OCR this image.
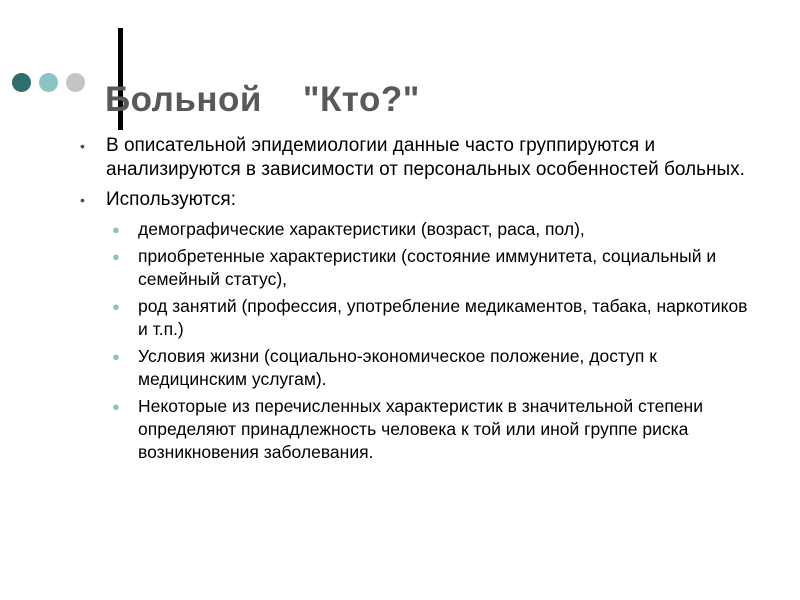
Больной    "Кто?"
• В описательной эпидемиологии данные часто группируются и анализируются в зависимости от персональных особенностей больных.
• Используются:
● демографические характеристики (возраст, раса, пол),
● приобретенные характеристики (состояние иммунитета, социальный и семейный статус),
● род занятий (профессия, употребление медикаментов, табака, наркотиков и т.п.)
● Условия жизни (социально-экономическое положение, доступ к медицинским услугам).
● Некоторые из перечисленных характеристик в значительной степени определяют принадлежность человека к той или иной группе риска возникновения заболевания.
